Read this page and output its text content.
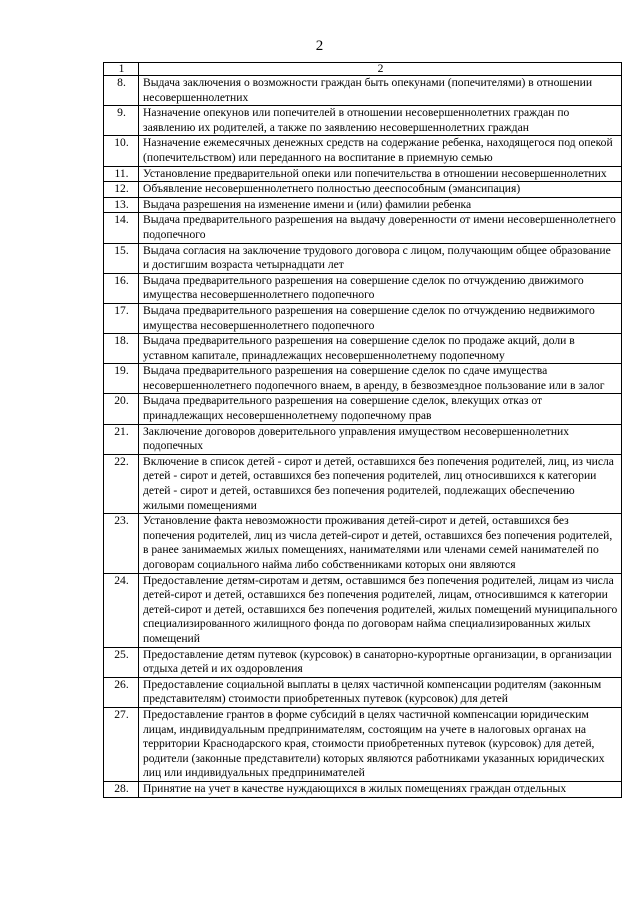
2
1	2
8.	Выдача заключения о возможности граждан быть опекунами (попечителями) в отношении несовершеннолетних
9.	Назначение опекунов или попечителей в отношении несовершеннолетних граждан по заявлению их родителей, а также по заявлению несовершеннолетних граждан
10.	Назначение ежемесячных денежных средств на содержание ребенка, находящегося под опекой (попечительством) или переданного на воспитание в приемную семью
11.	Установление предварительной опеки или попечительства в отношении несовершеннолетних
12.	Объявление несовершеннолетнего полностью дееспособным (эмансипация)
13.	Выдача разрешения на изменение имени и (или) фамилии ребенка
14.	Выдача предварительного разрешения на выдачу доверенности от имени несовершеннолетнего подопечного
15.	Выдача согласия на заключение трудового договора с лицом, получающим общее образование и достигшим возраста четырнадцати лет
16.	Выдача предварительного разрешения на совершение сделок по отчуждению движимого имущества несовершеннолетнего подопечного
17.	Выдача предварительного разрешения на совершение сделок по отчуждению недвижимого имущества несовершеннолетнего подопечного
18.	Выдача предварительного разрешения на совершение сделок по продаже акций, доли в уставном капитале, принадлежащих несовершеннолетнему подопечному
19.	Выдача предварительного разрешения на совершение сделок по сдаче имущества несовершеннолетнего подопечного внаем, в аренду, в безвозмездное пользование или в залог
20.	Выдача предварительного разрешения на совершение сделок, влекущих отказ от принадлежащих несовершеннолетнему подопечному прав
21.	Заключение договоров доверительного управления имуществом несовершеннолетних подопечных
22.	Включение в список детей - сирот и детей, оставшихся без попечения родителей, лиц, из числа детей - сирот и детей, оставшихся без попечения родителей, лиц относившихся к категории детей - сирот и детей, оставшихся без попечения родителей, подлежащих обеспечению жилыми помещениями
23.	Установление факта невозможности проживания детей-сирот и детей, оставшихся без попечения родителей, лиц из числа детей-сирот и детей, оставшихся без попечения родителей, в ранее занимаемых жилых помещениях, нанимателями или членами семей нанимателей по договорам социального найма либо собственниками которых они являются
24.	Предоставление детям-сиротам и детям, оставшимся без попечения родителей, лицам из числа детей-сирот и детей, оставшихся без попечения родителей, лицам, относившимся к категории детей-сирот и детей, оставшихся без попечения родителей, жилых помещений муниципального специализированного жилищного фонда по договорам найма специализированных жилых помещений
25.	Предоставление детям путевок (курсовок) в санаторно-курортные организации, в организации отдыха детей и их оздоровления
26.	Предоставление социальной выплаты в целях частичной компенсации родителям (законным представителям) стоимости приобретенных путевок (курсовок) для детей
27.	Предоставление грантов в форме субсидий в целях частичной компенсации юридическим лицам, индивидуальным предпринимателям, состоящим на учете в налоговых органах на территории Краснодарского края, стоимости приобретенных путевок (курсовок) для детей, родители (законные представители) которых являются работниками указанных юридических лиц или индивидуальных предпринимателей
28.	Принятие на учет в качестве нуждающихся в жилых помещениях граждан отдельных
